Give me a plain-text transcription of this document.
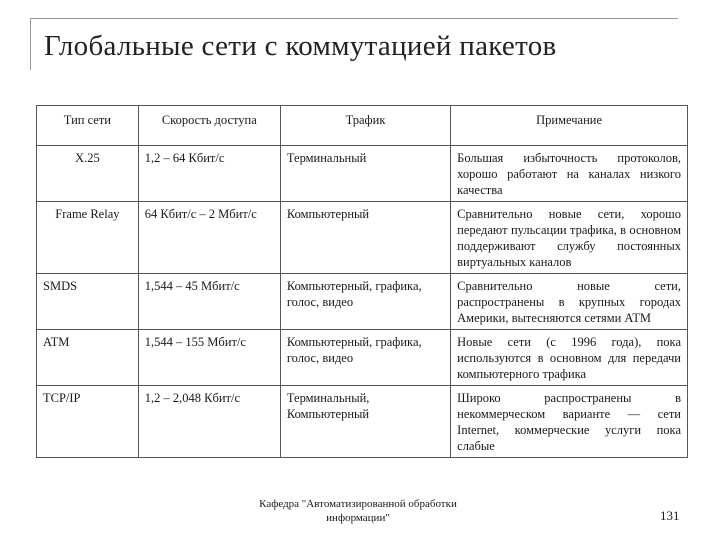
Глобальные сети с коммутацией пакетов
Тип сети	Скорость доступа	Трафик	Примечание
X.25	1,2 – 64 Кбит/с	Терминальный	Большая избыточность протоколов, хорошо работают на каналах низкого качества
Frame Relay	64 Кбит/с – 2 Мбит/с	Компьютерный	Сравнительно новые сети, хорошо передают пульсации трафика, в основном поддерживают службу постоянных виртуальных каналов
SMDS	1,544 – 45 Мбит/с	Компьютерный, графика, голос, видео	Сравнительно новые сети, распространены в крупных городах Америки, вытесняются сетями АТМ
ATM	1,544 – 155 Мбит/с	Компьютерный, графика, голос, видео	Новые сети (с 1996 года), пока используются в основном для передачи компьютерного трафика
TCP/IP	1,2 – 2,048 Кбит/с	Терминальный, Компьютерный	Широко распространены в некоммерческом варианте — сети Internet, коммерческие услуги пока слабые
Кафедра "Автоматизированной обработки
информации"	131
